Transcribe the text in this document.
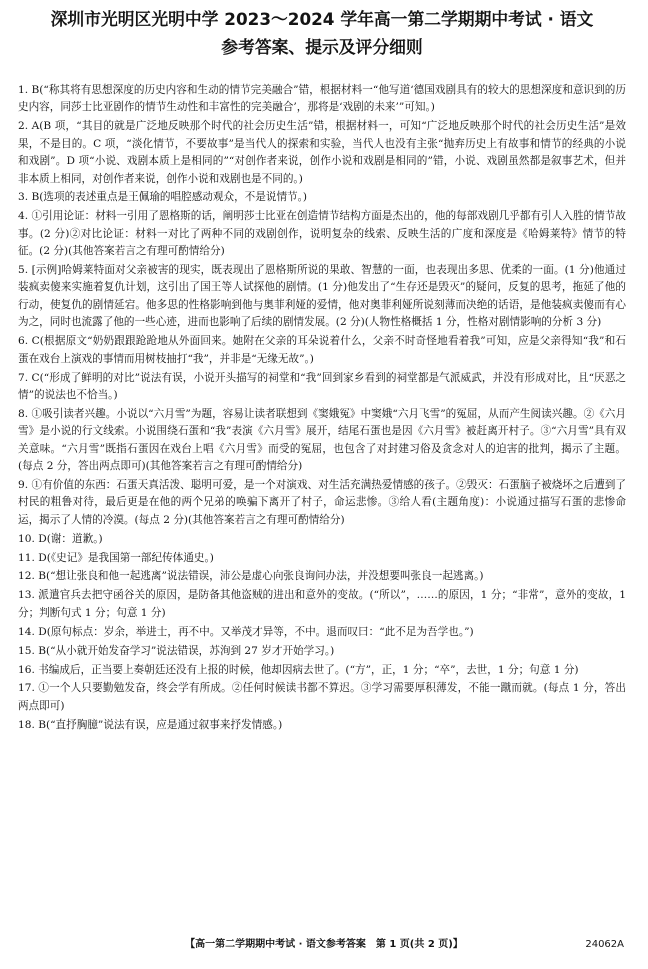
深圳市光明区光明中学 2023～2024 学年高一第二学期期中考试 · 语文
参考答案、提示及评分细则

1. B(“称其将有思想深度的历史内容和生动的情节完美融合”错，根据材料一“他写道‘德国戏剧具有的较大的思想深度和意识到的历史内容，同莎士比亚剧作的情节生动性和丰富性的完美融合’，那将是‘戏剧的未来’”可知。)

2. A(B 项，“其目的就是广泛地反映那个时代的社会历史生活”错，根据材料一，可知“广泛地反映那个时代的社会历史生活”是效果，不是目的。C 项，“淡化情节，不要故事”是当代人的探索和实验，当代人也没有主张“抛弃历史上有故事和情节的经典的小说和戏剧”。D 项“小说、戏剧本质上是相同的”“对创作者来说，创作小说和戏剧是相同的”错，小说、戏剧虽然都是叙事艺术，但并非本质上相同，对创作者来说，创作小说和戏剧也是不同的。)

3. B(选项的表述重点是王佩瑜的唱腔感动观众，不是说情节。)

4. ①引用论证：材料一引用了恩格斯的话，阐明莎士比亚在创造情节结构方面是杰出的，他的每部戏剧几乎都有引人入胜的情节故事。(2 分)②对比论证：材料一对比了两种不同的戏剧创作，说明复杂的线索、反映生活的广度和深度是《哈姆莱特》情节的特征。(2 分)(其他答案若言之有理可酌情给分)

5. [示例]哈姆莱特面对父亲被害的现实，既表现出了恩格斯所说的果敢、智慧的一面，也表现出多思、优柔的一面。(1 分)他通过装疯卖傻来实施着复仇计划，这引出了国王等人试探他的剧情。(1 分)他发出了“生存还是毁灭”的疑问，反复的思考，拖延了他的行动，使复仇的剧情延宕。他多思的性格影响到他与奥菲利娅的爱情，他对奥菲利娅所说刻薄而决绝的话语，是他装疯卖傻而有心为之，同时也流露了他的一些心迹，进而也影响了后续的剧情发展。(2 分)(人物性格概括 1 分，性格对剧情影响的分析 3 分)

6. C(根据原文“奶奶跟跟跄跄地从外面回来。她附在父亲的耳朵说着什么，父亲不时奇怪地看着我”可知，应是父亲得知“我”和石蛋在戏台上演戏的事情而用树枝抽打“我”，并非是“无缘无故”。)

7. C(“形成了鲜明的对比”说法有误，小说开头描写的祠堂和“我”回到家乡看到的祠堂都是气派威武，并没有形成对比，且“厌恶之情”的说法也不恰当。)

8. ①吸引读者兴趣。小说以“六月雪”为题，容易让读者联想到《窦娥冤》中窦娥“六月飞雪”的冤屈，从而产生阅读兴趣。②《六月雪》是小说的行文线索。小说围绕石蛋和“我”表演《六月雪》展开，结尾石蛋也是因《六月雪》被赶离开村子。③“六月雪”具有双关意味。“六月雪”既指石蛋因在戏台上唱《六月雪》而受的冤屈，也包含了对封建习俗及贪念对人的迫害的批判，揭示了主题。(每点 2 分，答出两点即可)(其他答案若言之有理可酌情给分)

9. ①有价值的东西：石蛋天真活泼、聪明可爱，是一个对演戏、对生活充满热爱情感的孩子。②毁灭：石蛋脑子被烧坏之后遭到了村民的粗鲁对待，最后更是在他的两个兄弟的唤骗下离开了村子，命运悲惨。③给人看(主题角度)：小说通过描写石蛋的悲惨命运，揭示了人情的冷漠。(每点 2 分)(其他答案若言之有理可酌情给分)

10. D(谢：道歉。)

11. D(《史记》是我国第一部纪传体通史。)

12. B(“想让张良和他一起逃离”说法错误，沛公是虚心向张良询问办法，并没想要叫张良一起逃离。)

13. 派遣官兵去把守函谷关的原因，是防备其他盗贼的进出和意外的变故。(“所以”，……的原因，1 分；“非常”，意外的变故，1 分；判断句式 1 分；句意 1 分)

14. D(原句标点：岁余，举进士，再不中。又举茂才异等，不中。退而叹曰：“此不足为吾学也。”)

15. B(“从小就开始发奋学习”说法错误，苏洵到 27 岁才开始学习。)

16. 书编成后，正当要上奏朝廷还没有上报的时候，他却因病去世了。(“方”，正，1 分；“卒”，去世，1 分；句意 1 分)

17. ①一个人只要勤勉发奋，终会学有所成。②任何时候读书都不算迟。③学习需要厚积薄发，不能一蹴而就。(每点 1 分，答出两点即可)

18. B(“直抒胸臆”说法有误，应是通过叙事来抒发情感。)

【高一第二学期期中考试 · 语文参考答案　第 1 页(共 2 页)】	24062A
